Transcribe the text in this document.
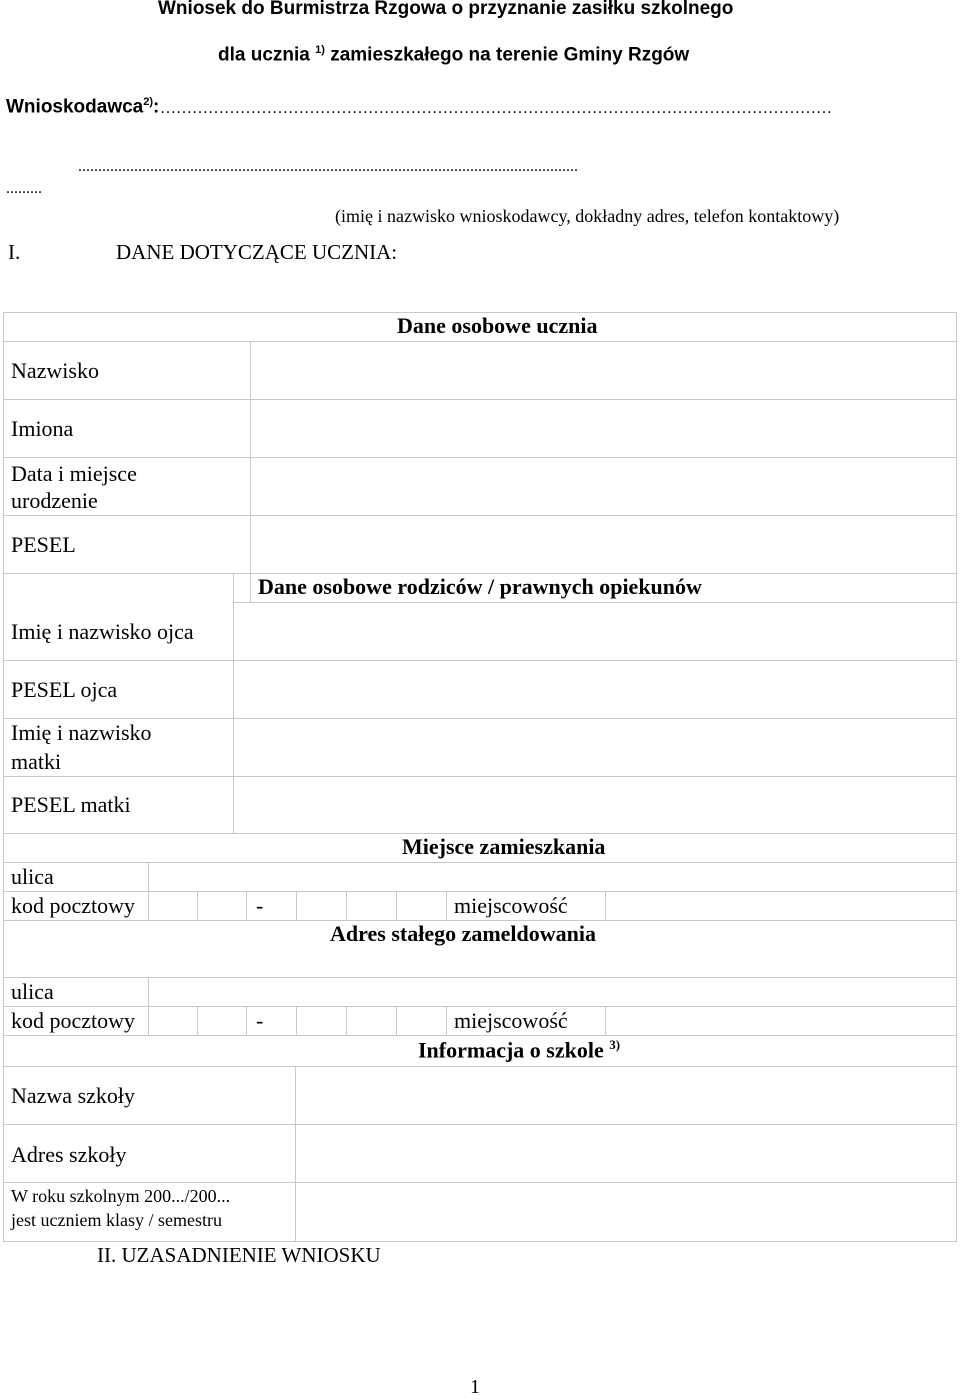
Wniosek do Burmistrza Rzgowa o przyznanie zasiłku szkolnego
dla ucznia $^{1)}$ zamieszkałego na terenie Gminy Rzgów
Wnioskodawca$^{2)}$: ………………………………………………………………………………………………………………
.............................................................................................................................
.........
(imię i nazwisko wnioskodawcy, dokładny adres, telefon kontaktowy)
I.	DANE DOTYCZĄCE UCZNIA:
Dane osobowe ucznia
Nazwisko
Imiona
Data i miejsce
urodzenie
PESEL
Dane osobowe rodziców / prawnych opiekunów
Imię i nazwisko ojca
PESEL ojca
Imię i nazwisko
matki
PESEL matki
Miejsce zamieszkania
ulica
kod pocztowy	-	miejscowość
Adres stałego zameldowania
ulica
kod pocztowy	-	miejscowość
Informacja o szkole $^{3)}$
Nazwa szkoły
Adres szkoły
W roku szkolnym 200.../200...
jest uczniem klasy / semestru
II. UZASADNIENIE WNIOSKU
1
